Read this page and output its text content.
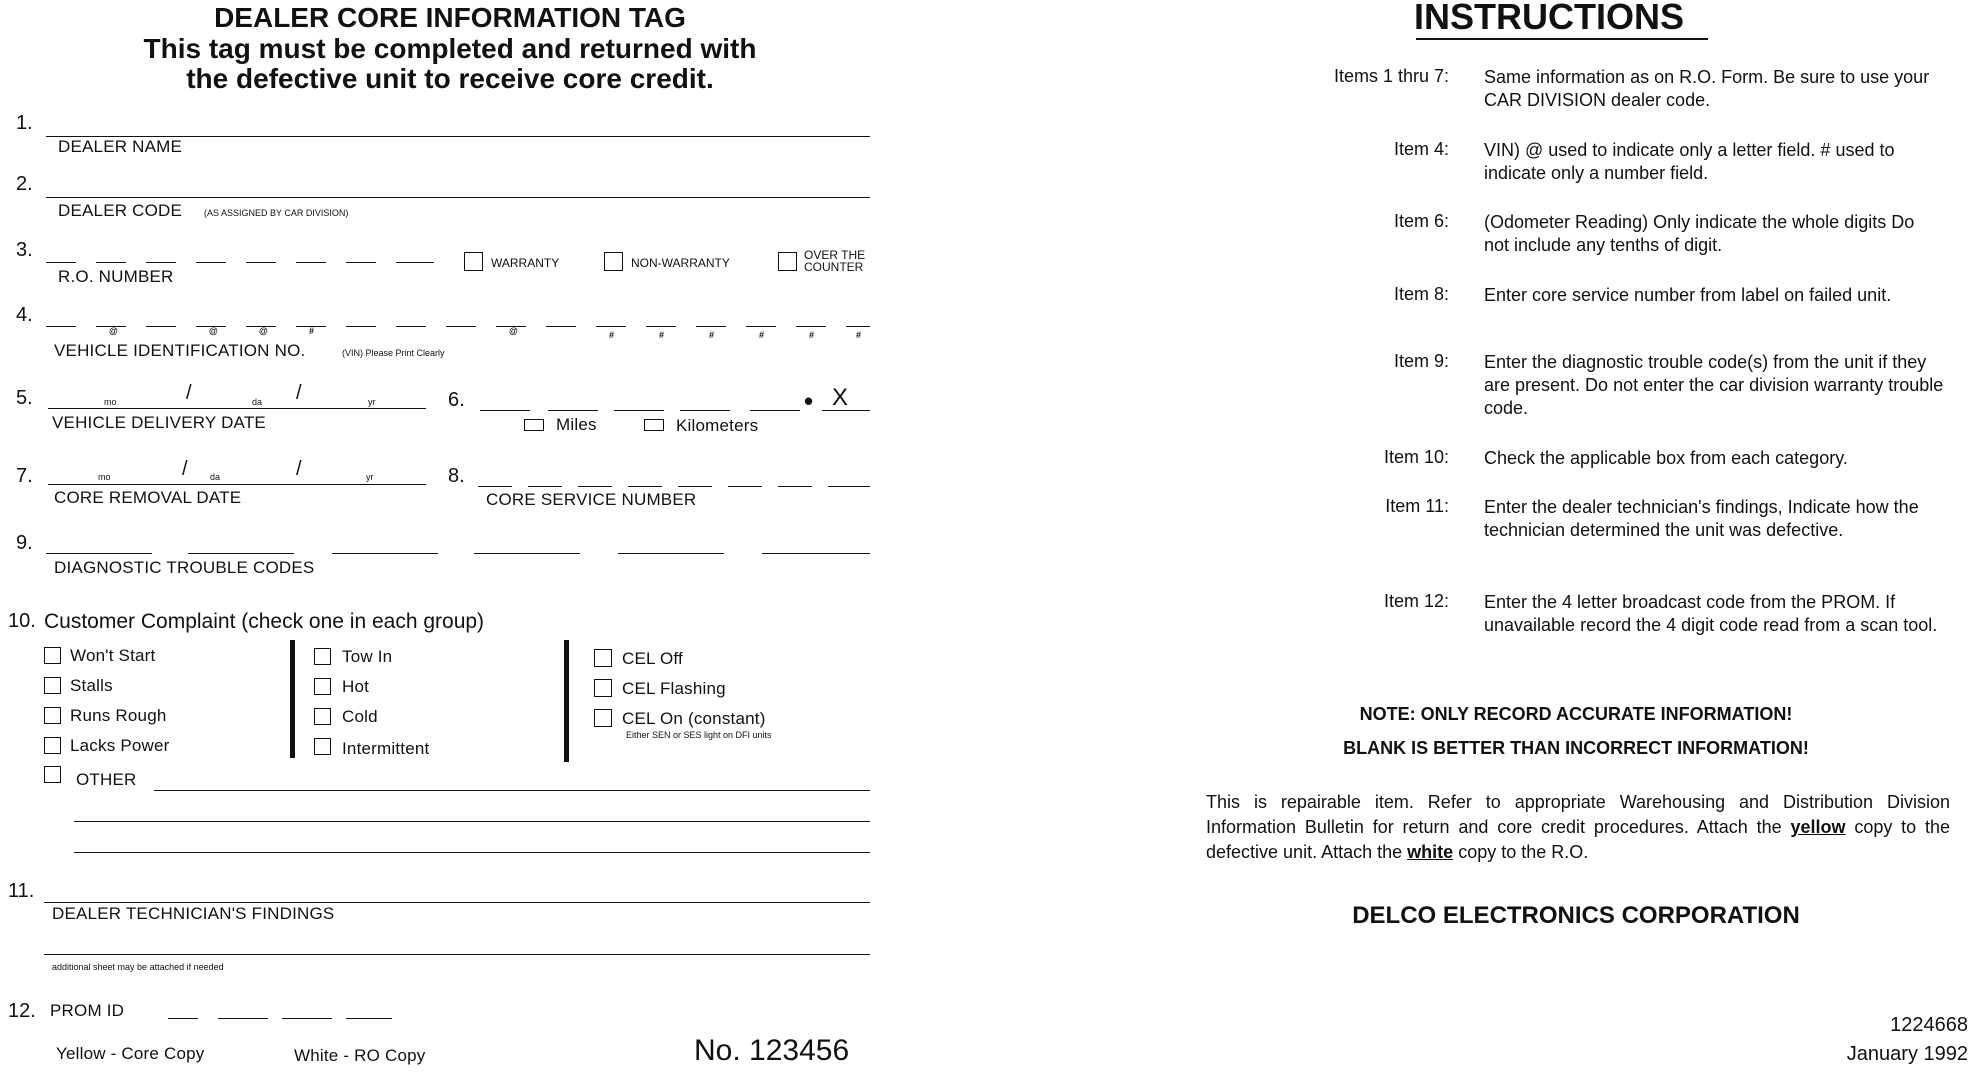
DEALER CORE INFORMATION TAG
This tag must be completed and returned with
the defective unit to receive core credit.
1.
DEALER NAME
2.
DEALER CODE (AS ASSIGNED BY CAR DIVISION)
3.
R.O. NUMBER
WARRANTY	NON-WARRANTY
OVER THE
COUNTER
4.
@	@	@	#	@	#	#	#	#	#	#
VEHICLE IDENTIFICATION NO.	(VIN) Please Print Clearly
5.	mo	/	da /	yr
VEHICLE DELIVERY DATE
6.	• X
Miles	Kilometers
7.	mo	/ da	/	yr
CORE REMOVAL DATE
8.
CORE SERVICE NUMBER
9.
DIAGNOSTIC TROUBLE CODES
10. Customer Complaint (check one in each group)
Won't Start
Stalls
Runs Rough
Lacks Power
Tow In
Hot
Cold
Intermittent
CEL Off
CEL Flashing
CEL On (constant)
Either SEN or SES light on DFI units
OTHER
11.
DEALER TECHNICIAN'S FINDINGS
additional sheet may be attached if needed
12. PROM ID
Yellow - Core Copy	White - RO Copy	No. 123456
INSTRUCTIONS
Items 1 thru 7: Same information as on R.O. Form. Be sure to use your CAR DIVISION dealer code.
Item 4: VIN) @ used to indicate only a letter field. # used to indicate only a number field.
Item 6: (Odometer Reading) Only indicate the whole digits Do not include any tenths of digit.
Item 8: Enter core service number from label on failed unit.
Item 9: Enter the diagnostic trouble code(s) from the unit if they are present. Do not enter the car division warranty trouble code.
Item 10: Check the applicable box from each category.
Item 11: Enter the dealer technician's findings, Indicate how the technician determined the unit was defective.
Item 12: Enter the 4 letter broadcast code from the PROM. If unavailable record the 4 digit code read from a scan tool.
NOTE: ONLY RECORD ACCURATE INFORMATION!
BLANK IS BETTER THAN INCORRECT INFORMATION!
This is repairable item. Refer to appropriate Warehousing and Distribution Division Information Bulletin for return and core credit procedures. Attach the yellow copy to the defective unit. Attach the white copy to the R.O.
DELCO ELECTRONICS CORPORATION
1224668
January 1992
